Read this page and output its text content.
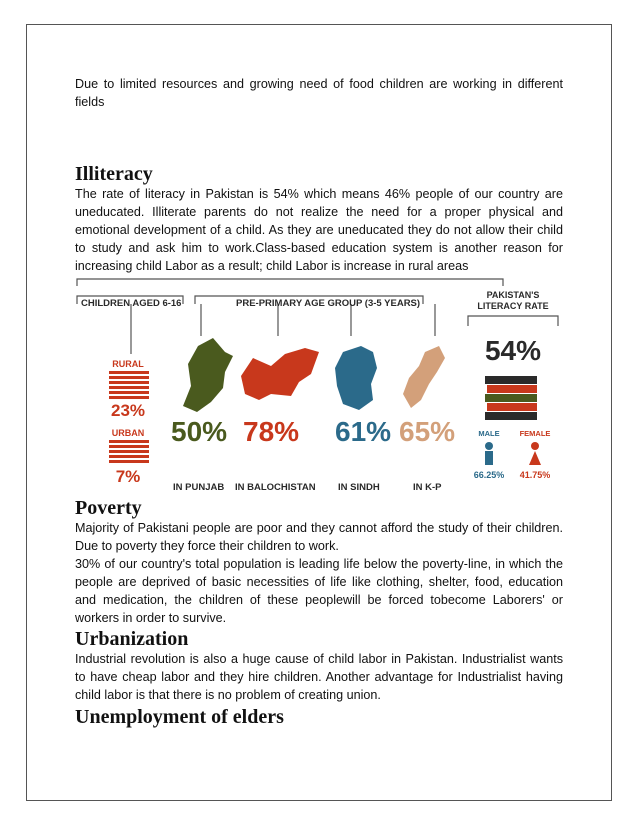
Due to limited resources and growing need of food children are working in different fields

Illiteracy

The rate of literacy in Pakistan is 54% which means 46% people of our country are uneducated. Illiterate parents do not realize the need for a proper physical and emotional development of a child. As they are uneducated they do not allow their child to study and ask him to work.Class-based education system is another reason for increasing child Labor as a result; child Labor is increase in rural areas

CHILDREN AGED 6-16	PRE-PRIMARY AGE GROUP (3-5 YEARS)
PAKISTAN'S
LITERACY RATE
RURAL
23%
URBAN
7%
50%
IN PUNJAB
78%
IN BALOCHISTAN
61%
IN SINDH
65%
IN K-P
54%
MALE	FEMALE
66.25% 41.75%
Poverty

Majority of Pakistani people are poor and they cannot afford the study of their children. Due to poverty they force their children to work.

30% of our country's total population is leading life below the poverty-line, in which the people are deprived of basic necessities of life like clothing, shelter, food, education and medication, the children of these peoplewill be forced tobecome Laborers' or workers in order to survive.

Urbanization

Industrial revolution is also a huge cause of child labor in Pakistan. Industrialist wants to have cheap labor and they hire children. Another advantage for Industrialist having child labor is that there is no problem of creating union.

Unemployment of elders
